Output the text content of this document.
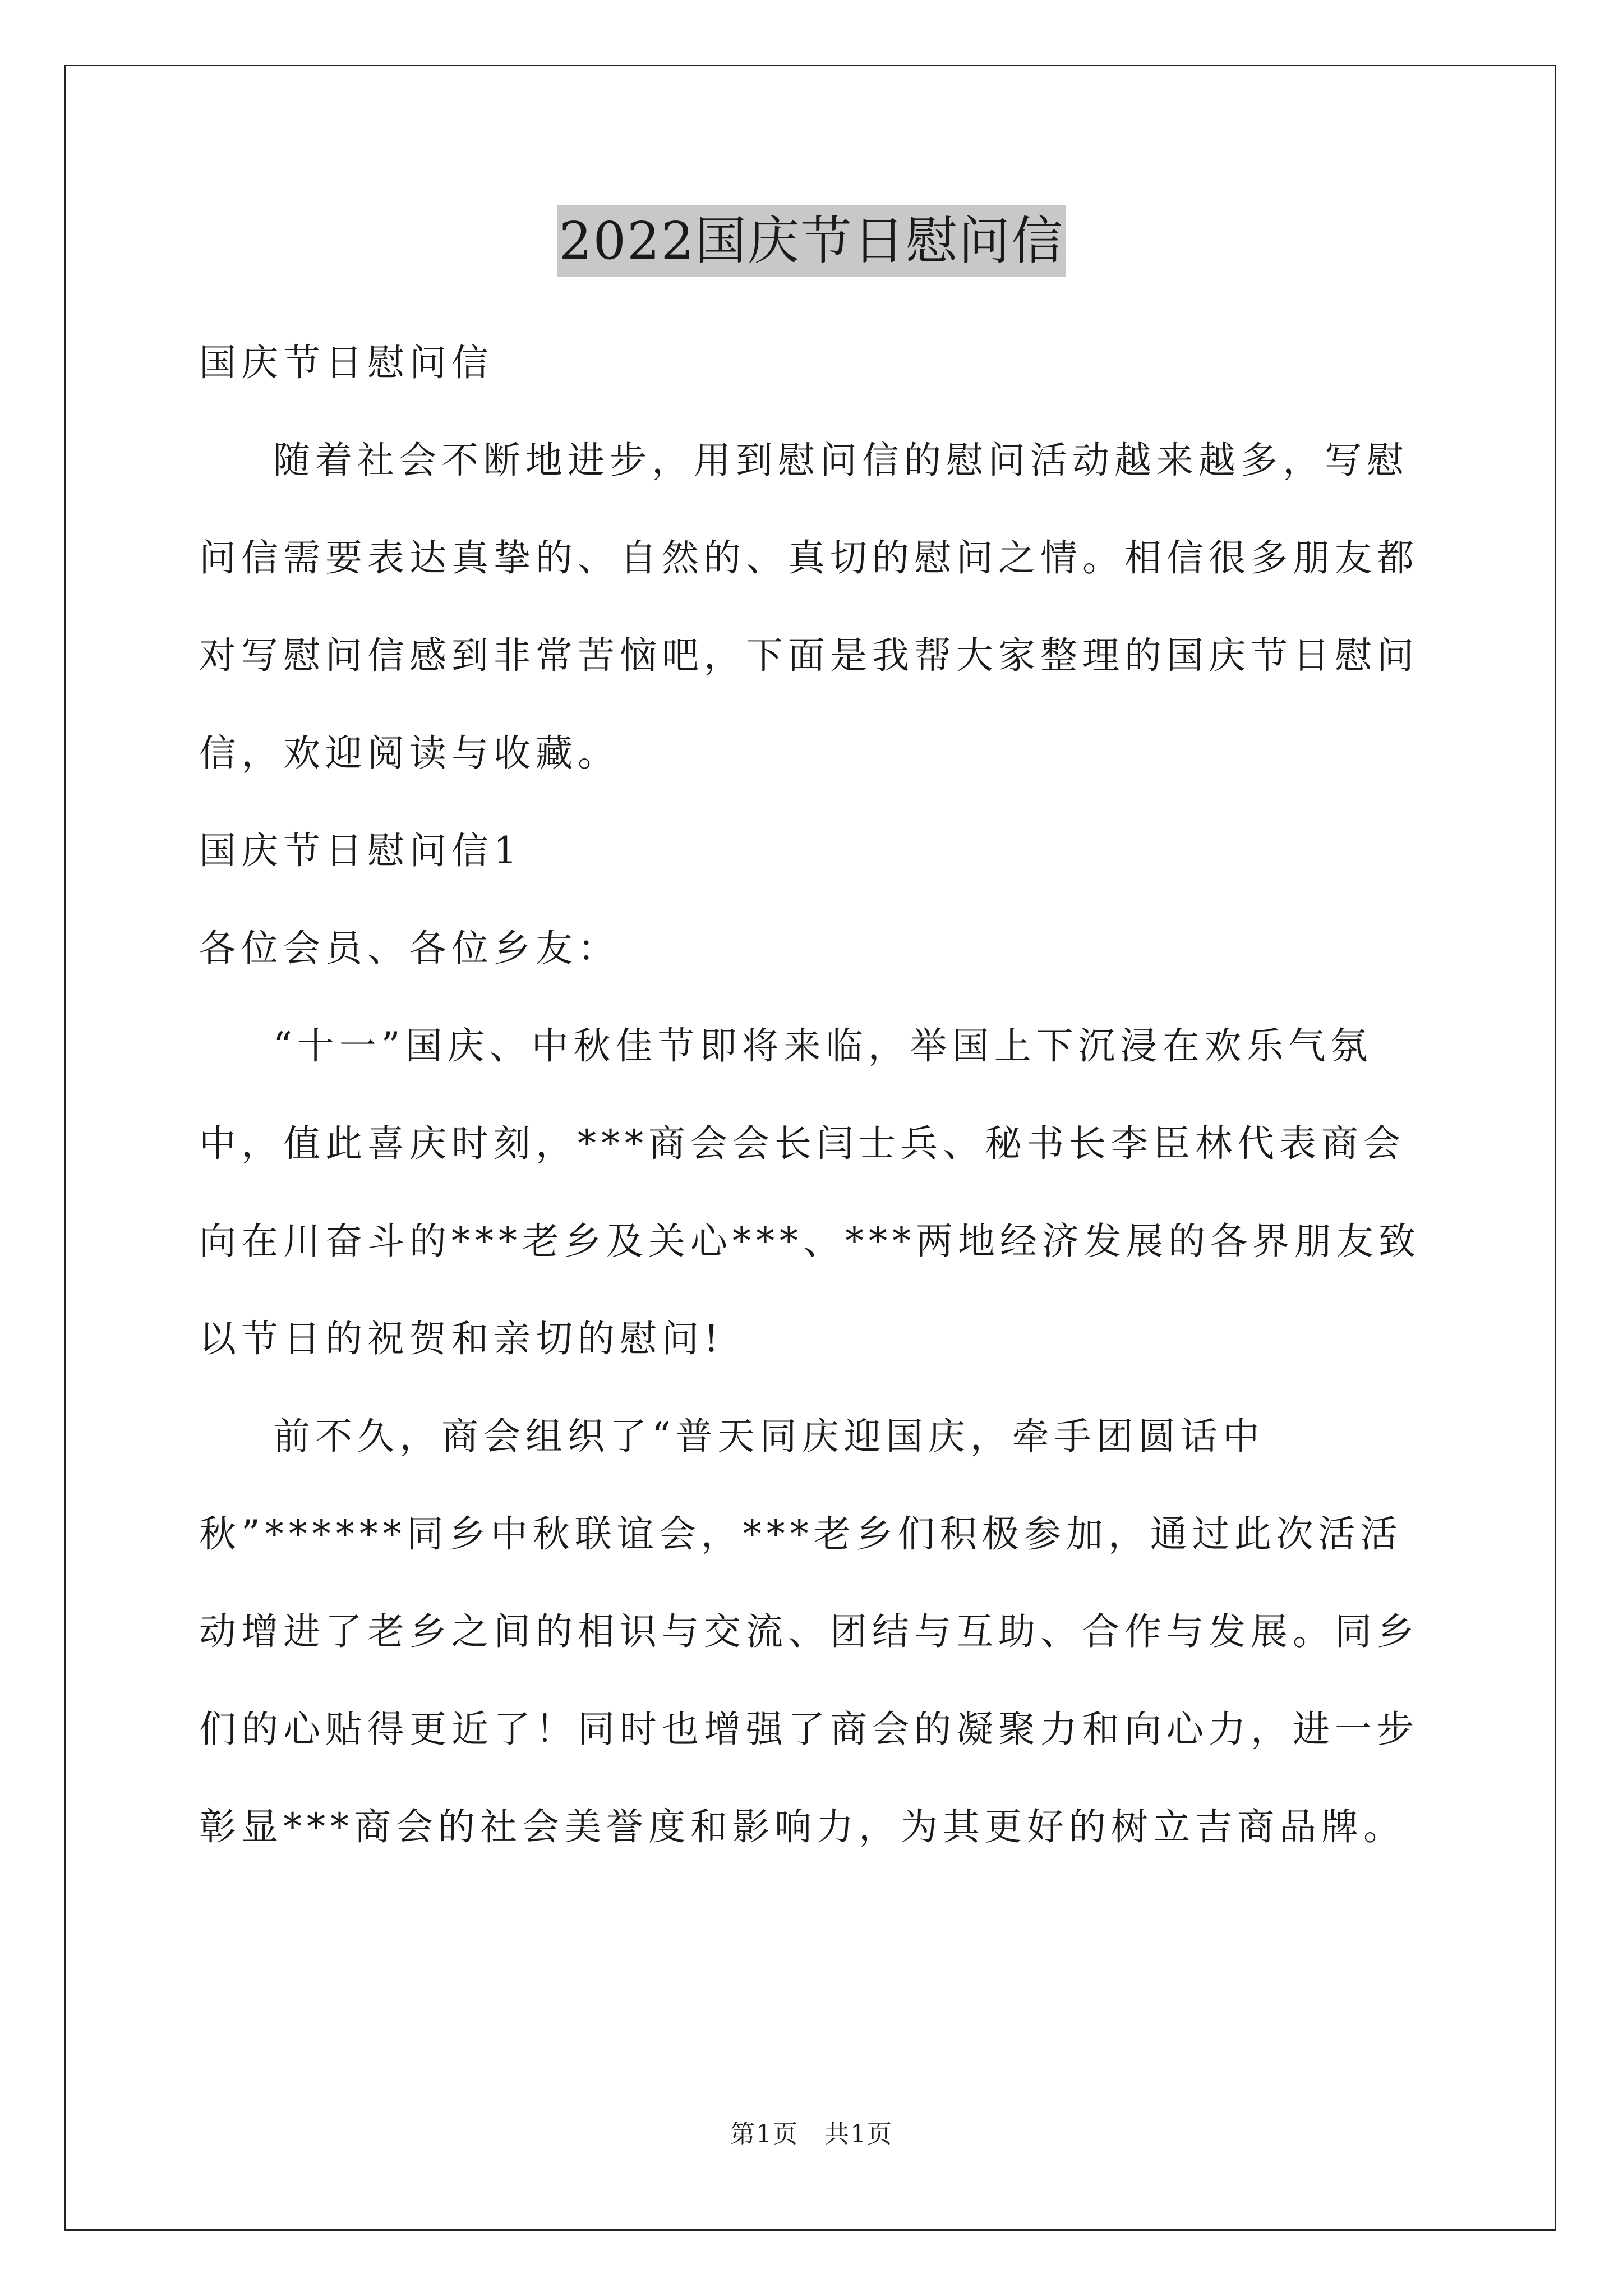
2022国庆节日慰问信

国庆节日慰问信

随着社会不断地进步，用到慰问信的慰问活动越来越多，写慰问信需要表达真挚的、自然的、真切的慰问之情。相信很多朋友都对写慰问信感到非常苦恼吧，下面是我帮大家整理的国庆节日慰问信，欢迎阅读与收藏。

国庆节日慰问信1

各位会员、各位乡友：

“十一”国庆、中秋佳节即将来临，举国上下沉浸在欢乐气氛中，值此喜庆时刻，***商会会长闫士兵、秘书长李臣林代表商会向在川奋斗的***老乡及关心***、***两地经济发展的各界朋友致以节日的祝贺和亲切的慰问!

前不久，商会组织了“普天同庆迎国庆，牵手团圆话中秋”******同乡中秋联谊会，***老乡们积极参加，通过此次活活动增进了老乡之间的相识与交流、团结与互助、合作与发展。同乡们的心贴得更近了！同时也增强了商会的凝聚力和向心力，进一步彰显***商会的社会美誉度和影响力，为其更好的树立吉商品牌。

第1页　共1页
